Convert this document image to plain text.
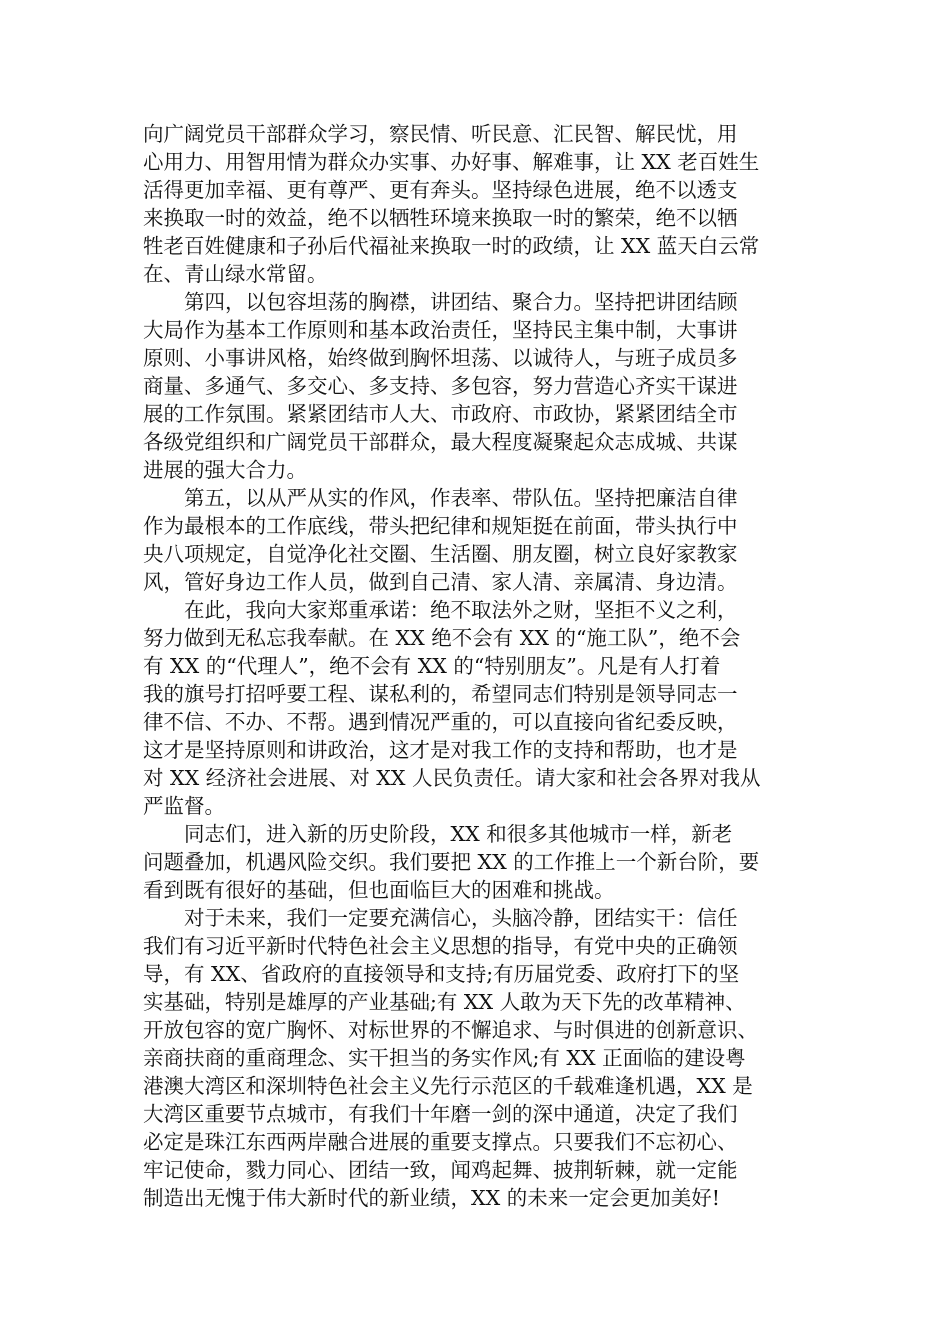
向广阔党员干部群众学习，察民情、听民意、汇民智、解民忧，用
心用力、用智用情为群众办实事、办好事、解难事，让 XX 老百姓生
活得更加幸福、更有尊严、更有奔头。坚持绿色进展，绝不以透支
来换取一时的效益，绝不以牺牲环境来换取一时的繁荣，绝不以牺
牲老百姓健康和子孙后代福祉来换取一时的政绩，让 XX 蓝天白云常
在、青山绿水常留。
　　第四，以包容坦荡的胸襟，讲团结、聚合力。坚持把讲团结顾
大局作为基本工作原则和基本政治责任，坚持民主集中制，大事讲
原则、小事讲风格，始终做到胸怀坦荡、以诚待人，与班子成员多
商量、多通气、多交心、多支持、多包容，努力营造心齐实干谋进
展的工作氛围。紧紧团结市人大、市政府、市政协，紧紧团结全市
各级党组织和广阔党员干部群众，最大程度凝聚起众志成城、共谋
进展的强大合力。
　　第五，以从严从实的作风，作表率、带队伍。坚持把廉洁自律
作为最根本的工作底线，带头把纪律和规矩挺在前面，带头执行中
央八项规定，自觉净化社交圈、生活圈、朋友圈，树立良好家教家
风，管好身边工作人员，做到自己清、家人清、亲属清、身边清。
　　在此，我向大家郑重承诺：绝不取法外之财，坚拒不义之利，
努力做到无私忘我奉献。在 XX 绝不会有 XX 的“施工队”，绝不会
有 XX 的“代理人”，绝不会有 XX 的“特别朋友”。凡是有人打着
我的旗号打招呼要工程、谋私利的，希望同志们特别是领导同志一
律不信、不办、不帮。遇到情况严重的，可以直接向省纪委反映，
这才是坚持原则和讲政治，这才是对我工作的支持和帮助，也才是
对 XX 经济社会进展、对 XX 人民负责任。请大家和社会各界对我从
严监督。
　　同志们，进入新的历史阶段，XX 和很多其他城市一样，新老
问题叠加，机遇风险交织。我们要把 XX 的工作推上一个新台阶，要
看到既有很好的基础，但也面临巨大的困难和挑战。
　　对于未来，我们一定要充满信心，头脑冷静，团结实干：信任
我们有习近平新时代特色社会主义思想的指导，有党中央的正确领
导，有 XX、省政府的直接领导和支持;有历届党委、政府打下的坚
实基础，特别是雄厚的产业基础;有 XX 人敢为天下先的改革精神、
开放包容的宽广胸怀、对标世界的不懈追求、与时俱进的创新意识、
亲商扶商的重商理念、实干担当的务实作风;有 XX 正面临的建设粤
港澳大湾区和深圳特色社会主义先行示范区的千载难逢机遇，XX 是
大湾区重要节点城市，有我们十年磨一剑的深中通道，决定了我们
必定是珠江东西两岸融合进展的重要支撑点。只要我们不忘初心、
牢记使命，戮力同心、团结一致，闻鸡起舞、披荆斩棘，就一定能
制造出无愧于伟大新时代的新业绩，XX 的未来一定会更加美好!
